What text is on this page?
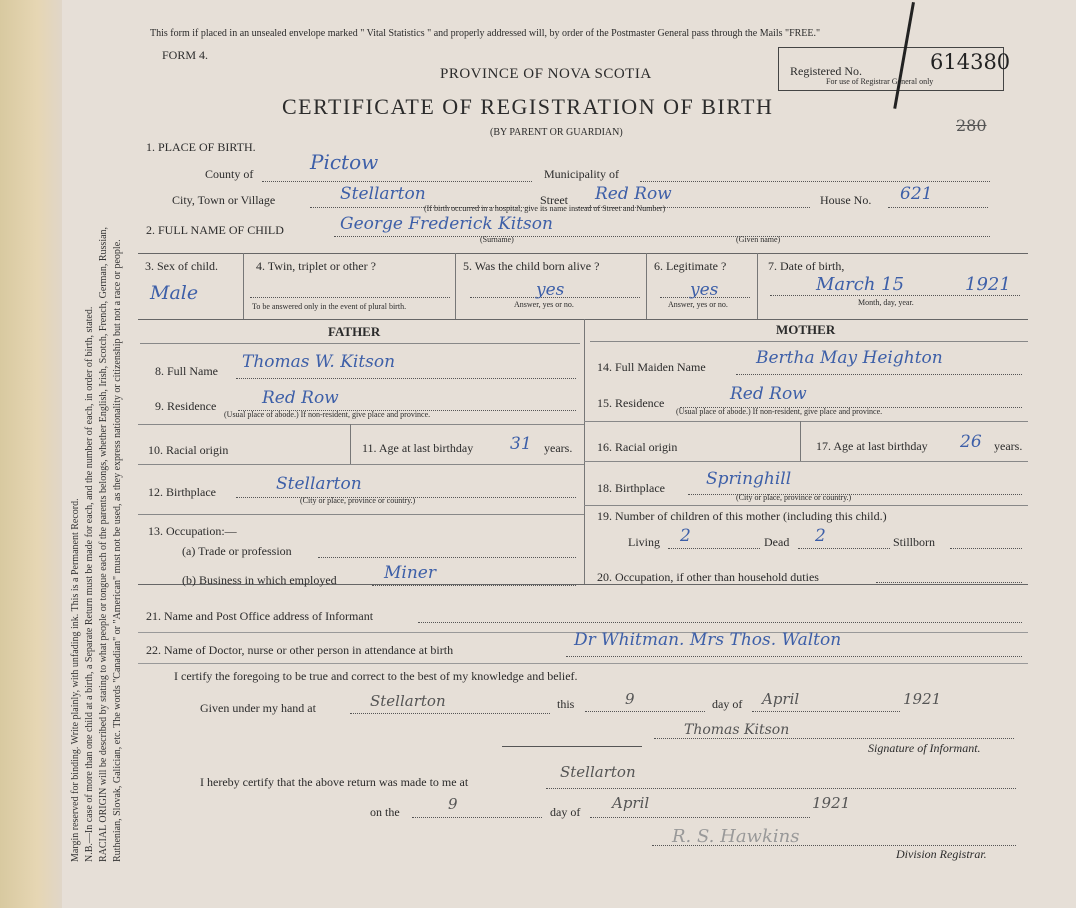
Margin reserved for binding. Write plainly, with unfading ink. This is a Permanent Record. N.B.—In case of more than one child at a birth, a Separate Return must be made for each, and the number of each, in order of birth, stated. RACIAL ORIGIN will be described by stating to what people or tongue each of the parents belongs, whether English, Irish, Scotch, French, German, Russian, Ruthenian, Slovak, Galician, etc. The words "Canadian" or "American" must not be used, as they express nationality or citizenship but not a race or people.
This form if placed in an unsealed envelope marked " Vital Statistics " and properly addressed will, by order of the Postmaster General pass through the Mails "FREE."
FORM 4.
PROVINCE OF NOVA SCOTIA
CERTIFICATE OF REGISTRATION OF BIRTH
(BY PARENT OR GUARDIAN)
Registered No.
For use of Registrar General only
614380
280
1. PLACE OF BIRTH.
County of	Pictow	Municipality of
City, Town or Village	Stellarton	Street Red Row	House No. 621
(If birth occurred in a hospital, give its name instead of Street and Number)
2. FULL NAME OF CHILD	George Frederick Kitson
(Surname)	(Given name)
3. Sex of child.
Male
4. Twin, triplet or other ?
To be answered only in the event of plural birth.
5. Was the child born alive ?
yes
Answer, yes or no.
6. Legitimate ?
yes
Answer, yes or no.
7. Date of birth,
March 15	1921
Month, day, year.
FATHER	MOTHER
8. Full Name Thomas W. Kitson
9. Residence	Red Row
(Usual place of abode.) If non-resident, give place and province.
10. Racial origin	11. Age at last birthday 31 years.
12. Birthplace	Stellarton
(City or place, province or country.)
13. Occupation:—
(a) Trade or profession
(b) Business in which employed	Miner
14. Full Maiden Name	Bertha May Heighton
15. Residence	Red Row
(Usual place of abode.) If non-resident, give place and province.
16. Racial origin	17. Age at last birthday 26 years.
18. Birthplace Springhill
(City or place, province or country.)
19. Number of children of this mother (including this child.)
Living 2	Dead 2	Stillborn
20. Occupation, if other than household duties
21. Name and Post Office address of Informant
22. Name of Doctor, nurse or other person in attendance at birth	Dr Whitman. Mrs Thos. Walton
I certify the foregoing to be true and correct to the best of my knowledge and belief.
Given under my hand at	Stellarton	this	9	day of April	1921
Thomas Kitson
Signature of Informant.
I hereby certify that the above return was made to me at
Stellarton
on the	9	day of April	1921
R. S. Hawkins
Division Registrar.
